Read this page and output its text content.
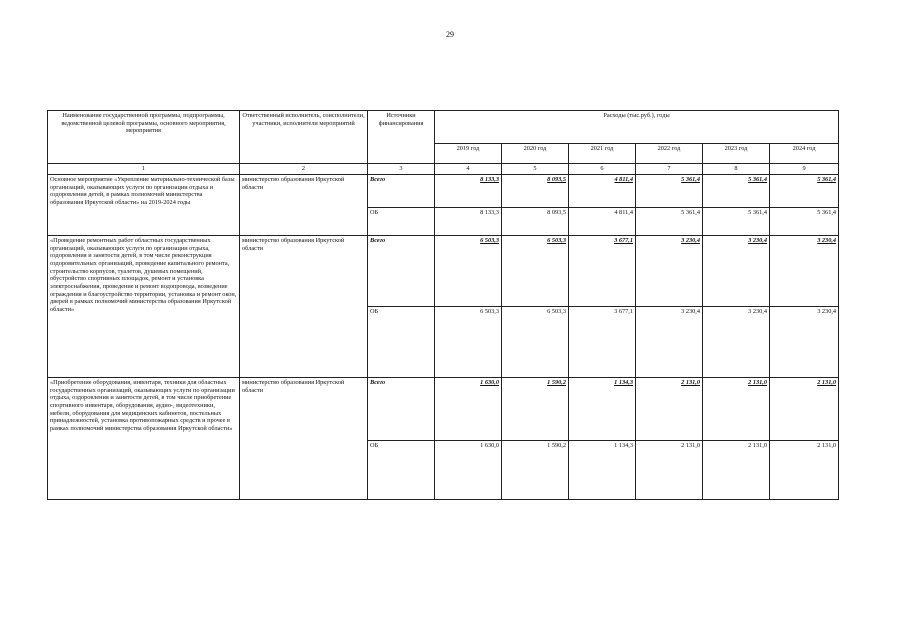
29
Наименование государственной программы, подпрограммы, ведомственной целевой программы, основного мероприятия, мероприятия	Ответственный исполнитель, соисполнители, участники, исполнители мероприятий	Источники финансирования	Расходы (тыс.руб.), годы					
			2019 год	2020 год	2021 год	2022 год	2023 год	2024 год
1	2	3	4	5	6	7	8	9
Основное мероприятие «Укрепление материально-технической базы организаций, оказывающих услуги по организации отдыха и оздоровления детей, в рамках полномочий министерства образования Иркутской области» на 2019-2024 годы	министерство образования Иркутской области	Всего	8 133,3	8 093,5	4 811,4	5 361,4	5 361,4	5 361,4
		ОБ	8 133,3	8 093,5	4 811,4	5 361,4	5 361,4	5 361,4
«Проведение ремонтных работ областных государственных организаций, оказывающих услуги по организации отдыха, оздоровления и занятости детей, в том числе реконструкция оздоровительных организаций, проведение капитального ремонта, строительство корпусов, туалетов, душевых помещений, обустройство спортивных площадок, ремонт и установка электроснабжения, проведение и ремонт водопровода, возведение ограждения и благоустройство территории, установка и ремонт окон, дверей в рамках полномочий министерства образования Иркутской области»	министерство образования Иркутской области	Всего	6 503,3	6 503,3	3 677,1	3 230,4	3 230,4	3 230,4
		ОБ	6 503,3	6 503,3	3 677,1	3 230,4	3 230,4	3 230,4
«Приобретение оборудования, инвентаря, техники для областных государственных организаций, оказывающих услуги по организации отдыха, оздоровления и занятости детей, в том числе приобретение спортивного инвентаря, оборудования, аудио-, видеотехники, мебели, оборудования для медицинских кабинетов, постельных принадлежностей, установка противопожарных средств и прочее в рамках полномочий министерства образования Иркутской области»	министерство образования Иркутской области	Всего	1 630,0	1 590,2	1 134,3	2 131,0	2 131,0	2 131,0
		ОБ	1 630,0	1 590,2	1 134,3	2 131,0	2 131,0	2 131,0
